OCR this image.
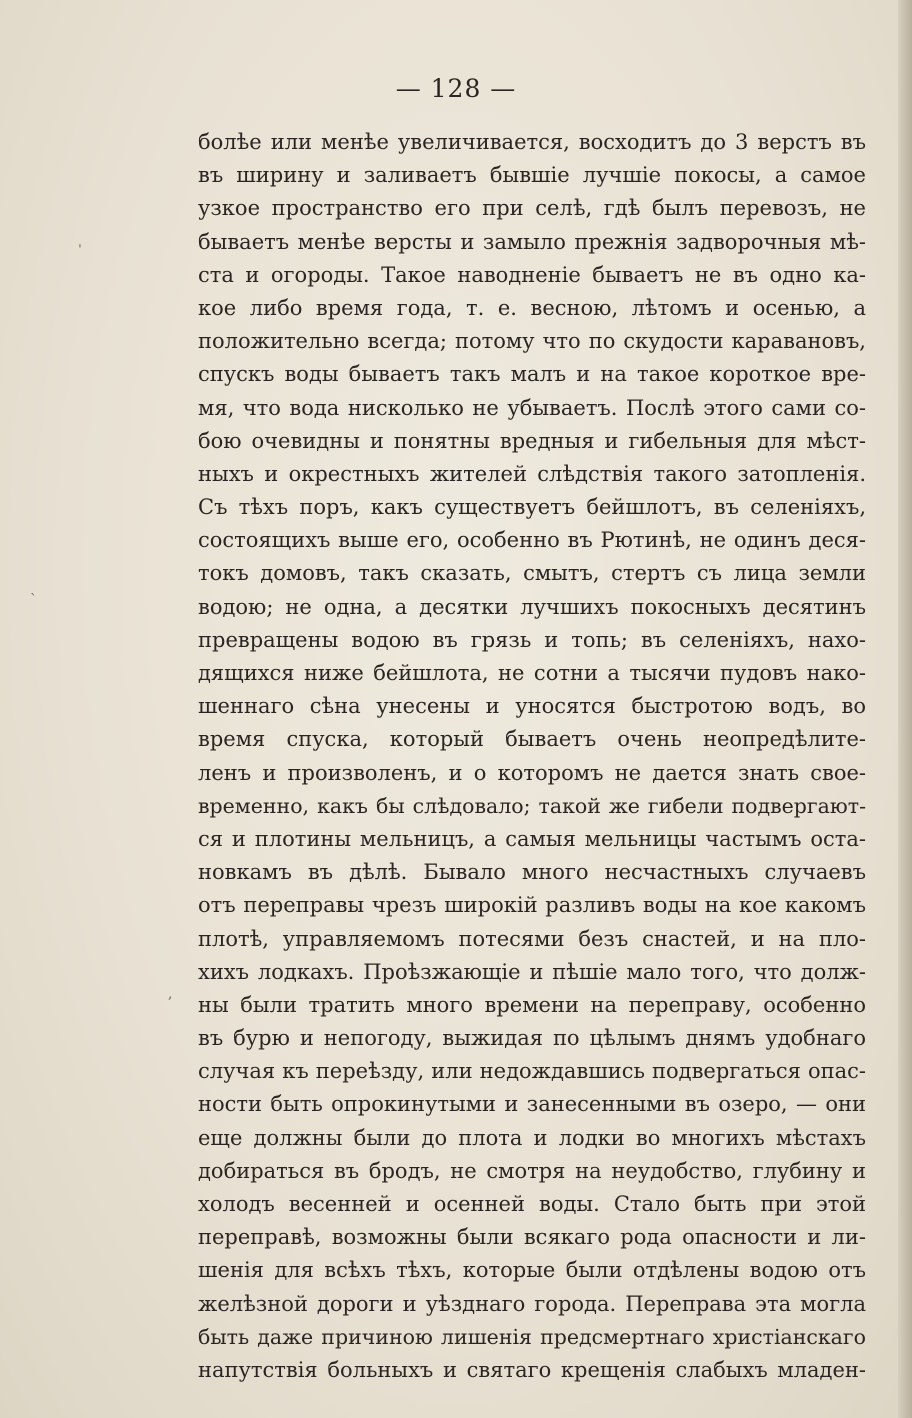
— 128 —
ˈ
ˋ
,
болѣе или менѣе увеличивается, восходитъ до 3 верстъ въ
въ ширину и заливаетъ бывшіе лучшіе покосы, а самое
узкое пространство его при селѣ, гдѣ былъ перевозъ, не
бываетъ менѣе версты и замыло прежнія задворочныя мѣ-
ста и огороды. Такое наводненіе бываетъ не въ одно ка-
кое либо время года, т. е. весною, лѣтомъ и осенью, а
положительно всегда; потому что по скудости каравановъ,
спускъ воды бываетъ такъ малъ и на такое короткое вре-
мя, что вода нисколько не убываетъ. Послѣ этого сами со-
бою очевидны и понятны вредныя и гибельныя для мѣст-
ныхъ и окрестныхъ жителей слѣдствія такого затопленія.
Съ тѣхъ поръ, какъ существуетъ бейшлотъ, въ селеніяхъ,
состоящихъ выше его, особенно въ Рютинѣ, не одинъ деся-
токъ домовъ, такъ сказать, смытъ, стертъ съ лица земли
водою; не одна, а десятки лучшихъ покосныхъ десятинъ
превращены водою въ грязь и топь; въ селеніяхъ, нахо-
дящихся ниже бейшлота, не сотни а тысячи пудовъ нако-
шеннаго сѣна унесены и уносятся быстротою водъ, во
время спуска, который бываетъ очень неопредѣлите-
ленъ и произволенъ, и о которомъ не дается знать свое-
временно, какъ бы слѣдовало; такой же гибели подвергают-
ся и плотины мельницъ, а самыя мельницы частымъ оста-
новкамъ въ дѣлѣ. Бывало много несчастныхъ случаевъ
отъ переправы чрезъ широкій разливъ воды на кое какомъ
плотѣ, управляемомъ потесями безъ снастей, и на пло-
хихъ лодкахъ. Проѣзжающіе и пѣшіе мало того, что долж-
ны были тратить много времени на переправу, особенно
въ бурю и непогоду, выжидая по цѣлымъ днямъ удобнаго
случая къ переѣзду, или недождавшись подвергаться опас-
ности быть опрокинутыми и занесенными въ озеро, — они
еще должны были до плота и лодки во многихъ мѣстахъ
добираться въ бродъ, не смотря на неудобство, глубину и
холодъ весенней и осенней воды. Стало быть при этой
переправѣ, возможны были всякаго рода опасности и ли-
шенія для всѣхъ тѣхъ, которые были отдѣлены водою отъ
желѣзной дороги и уѣзднаго города. Переправа эта могла
быть даже причиною лишенія предсмертнаго христіанскаго
напутствія больныхъ и святаго крещенія слабыхъ младен-
